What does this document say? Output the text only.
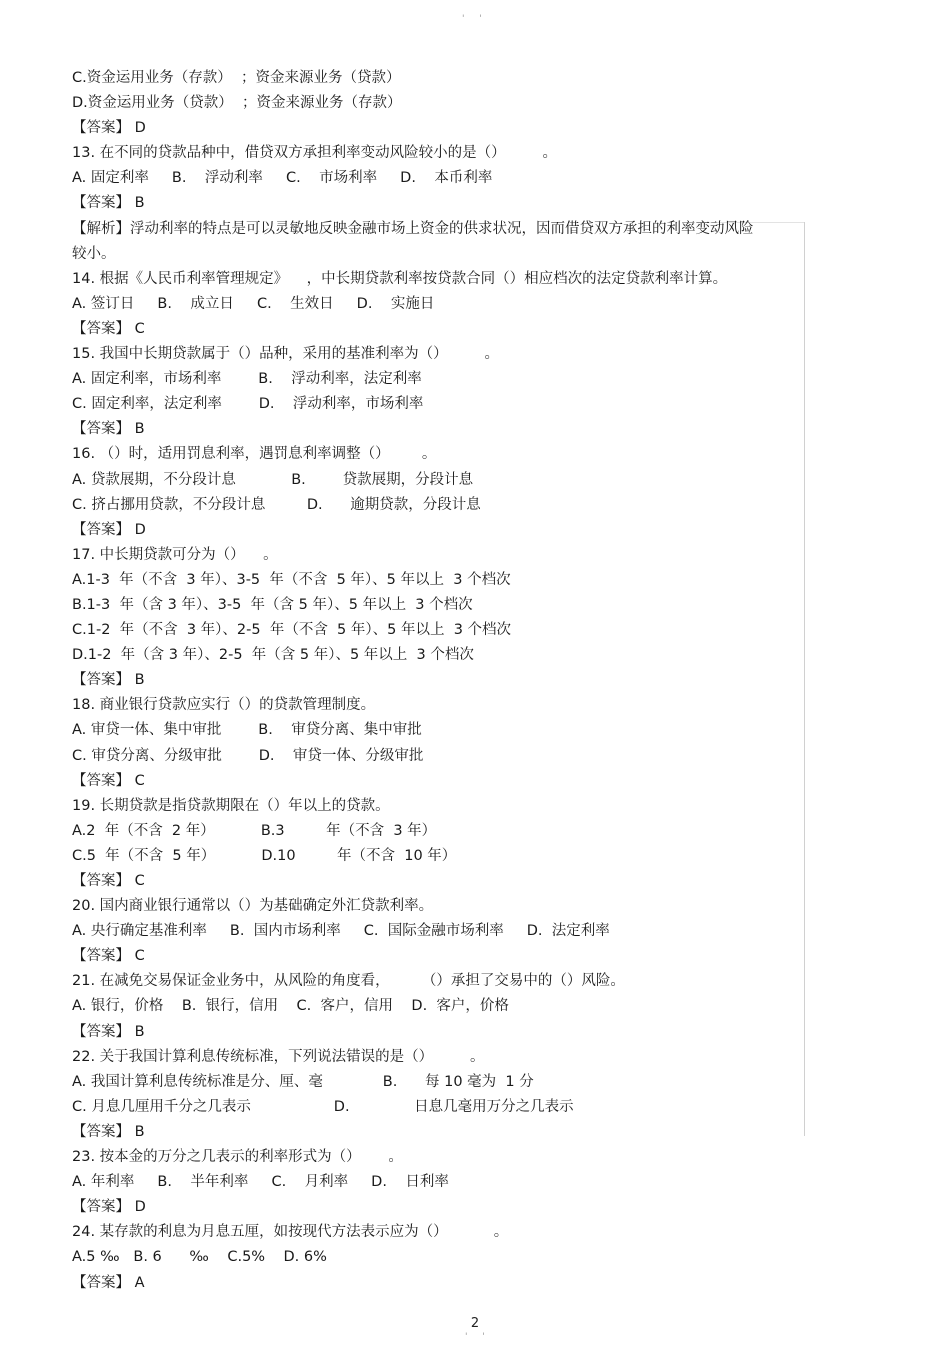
' '
C.资金运用业务（存款）  ；资金来源业务（贷款）
D.资金运用业务（贷款）  ；资金来源业务（存款）
【答案】 D
13. 在不同的贷款品种中，借贷双方承担利率变动风险较小的是（）        。
A. 固定利率     B.    浮动利率     C.    市场利率     D.    本币利率
【答案】 B
【解析】浮动利率的特点是可以灵敏地反映金融市场上资金的供求状况，因而借贷双方承担的利率变动风险
较小。
14. 根据《人民币利率管理规定》    ，中长期贷款利率按贷款合同（）相应档次的法定贷款利率计算。
A. 签订日     B.    成立日     C.    生效日     D.    实施日
【答案】 C
15. 我国中长期贷款属于（）品种，采用的基准利率为（）        。
A. 固定利率，市场利率        B.    浮动利率，法定利率
C. 固定利率，法定利率        D.    浮动利率，市场利率
【答案】 B
16. （）时，适用罚息利率，遇罚息利率调整（）       。
A. 贷款展期，不分段计息            B.        贷款展期，分段计息
C. 挤占挪用贷款，不分段计息         D.      逾期贷款，分段计息
【答案】 D
17. 中长期贷款可分为（）    。
A.1-3  年（不含  3 年）、3-5  年（不含  5 年）、5 年以上  3 个档次
B.1-3  年（含 3 年）、3-5  年（含 5 年）、5 年以上  3 个档次
C.1-2  年（不含  3 年）、2-5  年（不含  5 年）、5 年以上  3 个档次
D.1-2  年（含 3 年）、2-5  年（含 5 年）、5 年以上  3 个档次
【答案】 B
18. 商业银行贷款应实行（）的贷款管理制度。
A. 审贷一体、集中审批        B.    审贷分离、集中审批
C. 审贷分离、分级审批        D.    审贷一体、分级审批
【答案】 C
19. 长期贷款是指贷款期限在（）年以上的贷款。
A.2  年（不含  2 年）          B.3         年（不含  3 年）
C.5  年（不含  5 年）          D.10         年（不含  10 年）
【答案】 C
20. 国内商业银行通常以（）为基础确定外汇贷款利率。
A. 央行确定基准利率     B.  国内市场利率     C.  国际金融市场利率     D.  法定利率
【答案】 C
21. 在减免交易保证金业务中，从风险的角度看，       （）承担了交易中的（）风险。
A. 银行，价格    B.  银行，信用    C.  客户，信用    D.  客户，价格
【答案】 B
22. 关于我国计算利息传统标准，下列说法错误的是（）        。
A. 我国计算利息传统标准是分、厘、毫             B.      每 10 毫为  1 分
C. 月息几厘用千分之几表示                  D.              日息几毫用万分之几表示
【答案】 B
23. 按本金的万分之几表示的利率形式为（）      。
A. 年利率     B.    半年利率     C.    月利率     D.    日利率
【答案】 D
24. 某存款的利息为月息五厘，如按现代方法表示应为（）          。
A.5 ‰   B. 6      ‰    C.5%    D. 6%
【答案】 A
2
' '
